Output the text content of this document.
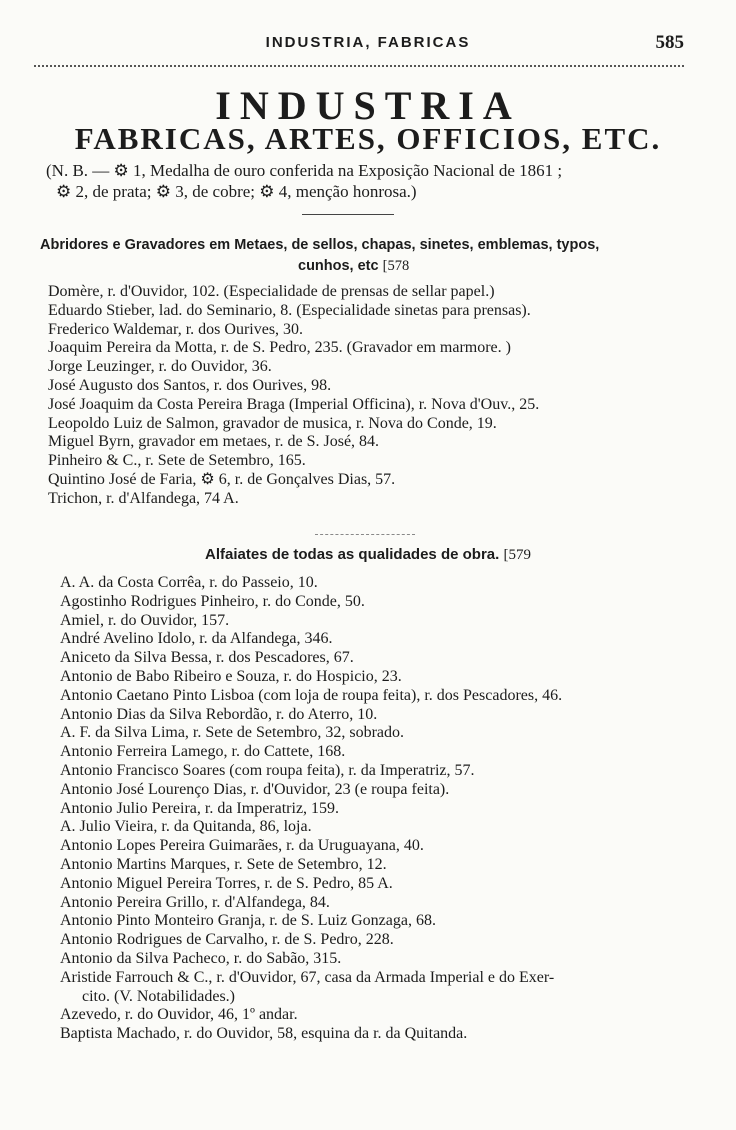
INDUSTRIA, FABRICAS	585
INDUSTRIA
FABRICAS, ARTES, OFFICIOS, ETC.
(N. B. — ⚙ 1, Medalha de ouro conferida na Exposição Nacional de 1861 ;
⚙ 2, de prata; ⚙ 3, de cobre; ⚙ 4, menção honrosa.)
Abridores e Gravadores em Metaes, de sellos, chapas, sinetes, emblemas, typos,
cunhos, etc [578
Domère, r. d'Ouvidor, 102. (Especialidade de prensas de sellar papel.)
Eduardo Stieber, lad. do Seminario, 8. (Especialidade sinetas para prensas).
Frederico Waldemar, r. dos Ourives, 30.
Joaquim Pereira da Motta, r. de S. Pedro, 235. (Gravador em marmore. )
Jorge Leuzinger, r. do Ouvidor, 36.
José Augusto dos Santos, r. dos Ourives, 98.
José Joaquim da Costa Pereira Braga (Imperial Officina), r. Nova d'Ouv., 25.
Leopoldo Luiz de Salmon, gravador de musica, r. Nova do Conde, 19.
Miguel Byrn, gravador em metaes, r. de S. José, 84.
Pinheiro & C., r. Sete de Setembro, 165.
Quintino José de Faria, ⚙ 6, r. de Gonçalves Dias, 57.
Trichon, r. d'Alfandega, 74 A.
Alfaiates de todas as qualidades de obra. [579
A. A. da Costa Corrêa, r. do Passeio, 10.
Agostinho Rodrigues Pinheiro, r. do Conde, 50.
Amiel, r. do Ouvidor, 157.
André Avelino Idolo, r. da Alfandega, 346.
Aniceto da Silva Bessa, r. dos Pescadores, 67.
Antonio de Babo Ribeiro e Souza, r. do Hospicio, 23.
Antonio Caetano Pinto Lisboa (com loja de roupa feita), r. dos Pescadores, 46.
Antonio Dias da Silva Rebordão, r. do Aterro, 10.
A. F. da Silva Lima, r. Sete de Setembro, 32, sobrado.
Antonio Ferreira Lamego, r. do Cattete, 168.
Antonio Francisco Soares (com roupa feita), r. da Imperatriz, 57.
Antonio José Lourenço Dias, r. d'Ouvidor, 23 (e roupa feita).
Antonio Julio Pereira, r. da Imperatriz, 159.
A. Julio Vieira, r. da Quitanda, 86, loja.
Antonio Lopes Pereira Guimarães, r. da Uruguayana, 40.
Antonio Martins Marques, r. Sete de Setembro, 12.
Antonio Miguel Pereira Torres, r. de S. Pedro, 85 A.
Antonio Pereira Grillo, r. d'Alfandega, 84.
Antonio Pinto Monteiro Granja, r. de S. Luiz Gonzaga, 68.
Antonio Rodrigues de Carvalho, r. de S. Pedro, 228.
Antonio da Silva Pacheco, r. do Sabão, 315.
Aristide Farrouch & C., r. d'Ouvidor, 67, casa da Armada Imperial e do Exer-
cito. (V. Notabilidades.)
Azevedo, r. do Ouvidor, 46, 1º andar.
Baptista Machado, r. do Ouvidor, 58, esquina da r. da Quitanda.
